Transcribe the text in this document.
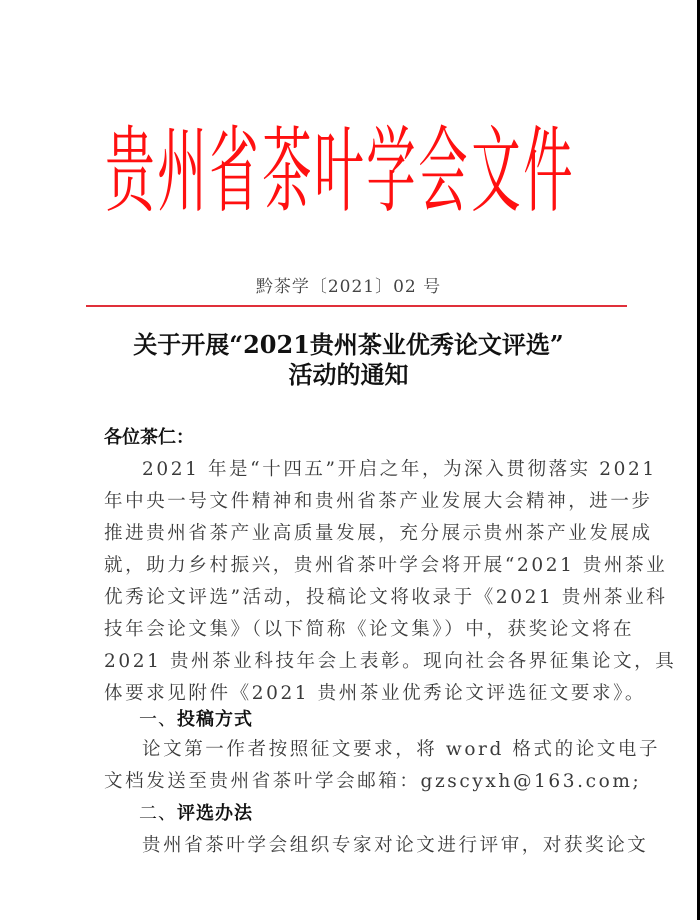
贵 州 省 茶 叶 学 会 文 件
黔茶学〔2021〕02 号
关于开展“2021贵州茶业优秀论文评选”
活动的通知
各位茶仁：
2021 年是“十四五”开启之年，为深入贯彻落实 2021
年中央一号文件精神和贵州省茶产业发展大会精神，进一步
推进贵州省茶产业高质量发展，充分展示贵州茶产业发展成
就，助力乡村振兴，贵州省茶叶学会将开展“2021 贵州茶业
优秀论文评选”活动，投稿论文将收录于《2021 贵州茶业科
技年会论文集》（以下简称《论文集》）中，获奖论文将在
2021 贵州茶业科技年会上表彰。现向社会各界征集论文，具
体要求见附件《2021 贵州茶业优秀论文评选征文要求》。
一、投稿方式
论文第一作者按照征文要求，将 word 格式的论文电子
文档发送至贵州省茶叶学会邮箱：gzscyxh@163.com;
二、评选办法
贵州省茶叶学会组织专家对论文进行评审，对获奖论文
